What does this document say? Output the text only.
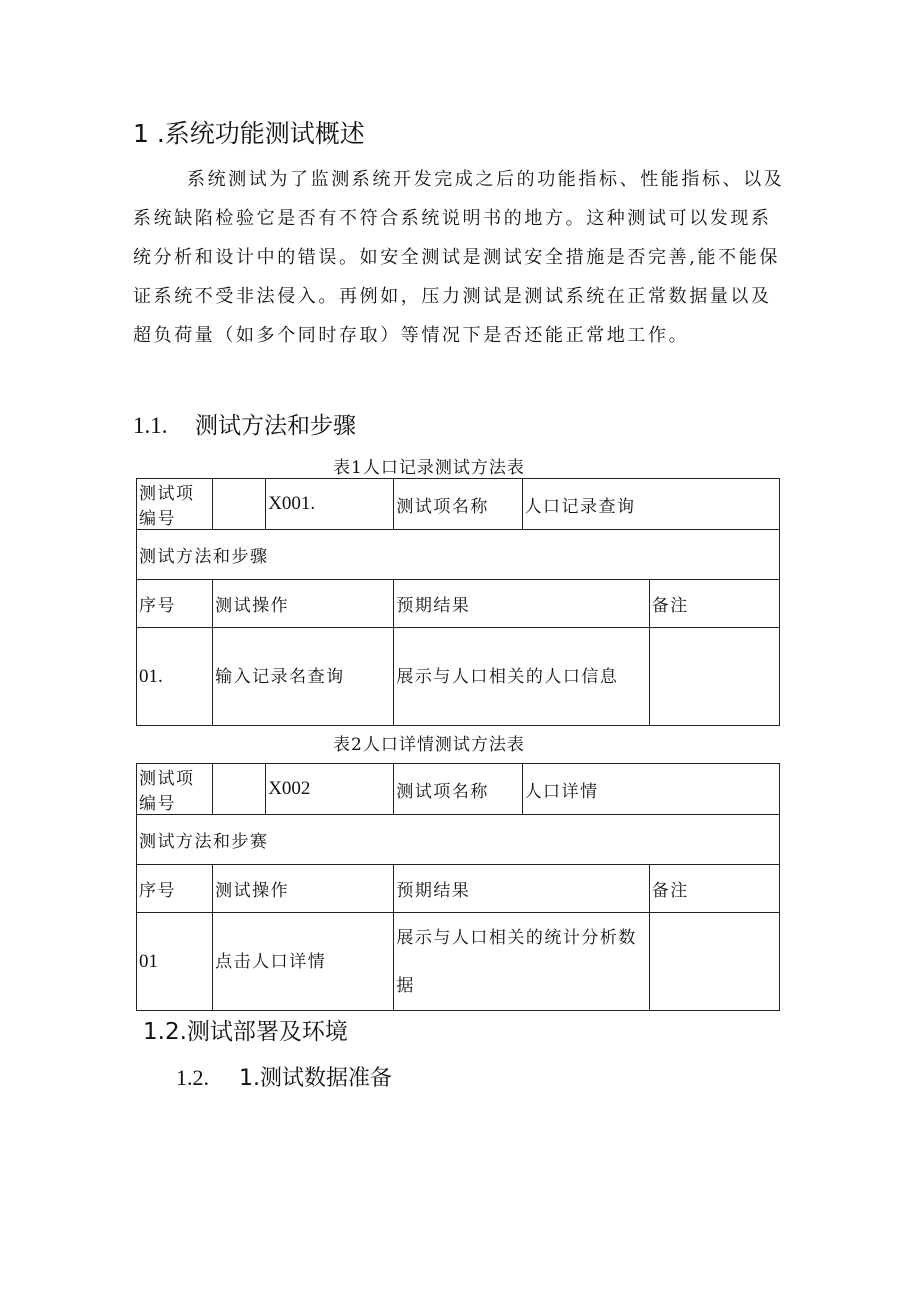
1 .系统功能测试概述
系统测试为了监测系统开发完成之后的功能指标、性能指标、以及系统缺陷检验它是否有不符合系统说明书的地方。这种测试可以发现系统分析和设计中的错误。如安全测试是测试安全措施是否完善,能不能保证系统不受非法侵入。再例如，压力测试是测试系统在正常数据量以及超负荷量（如多个同时存取）等情况下是否还能正常地工作。
1.1. 测试方法和步骤
表1人口记录测试方法表
测试项编号		X001.	测试项名称	人口记录查询	
测试方法和步骤					
序号	测试操作		预期结果		备注
01.	输入记录名查询		展示与人口相关的人口信息		
表2人口详情测试方法表
测试项编号		X002	测试项名称	人口详情	
测试方法和步赛					
序号	测试操作		预期结果		备注
01	点击人口详情		展示与人口相关的统计分析数据		
1.2.测试部署及环境
1.2. 1.测试数据准备
